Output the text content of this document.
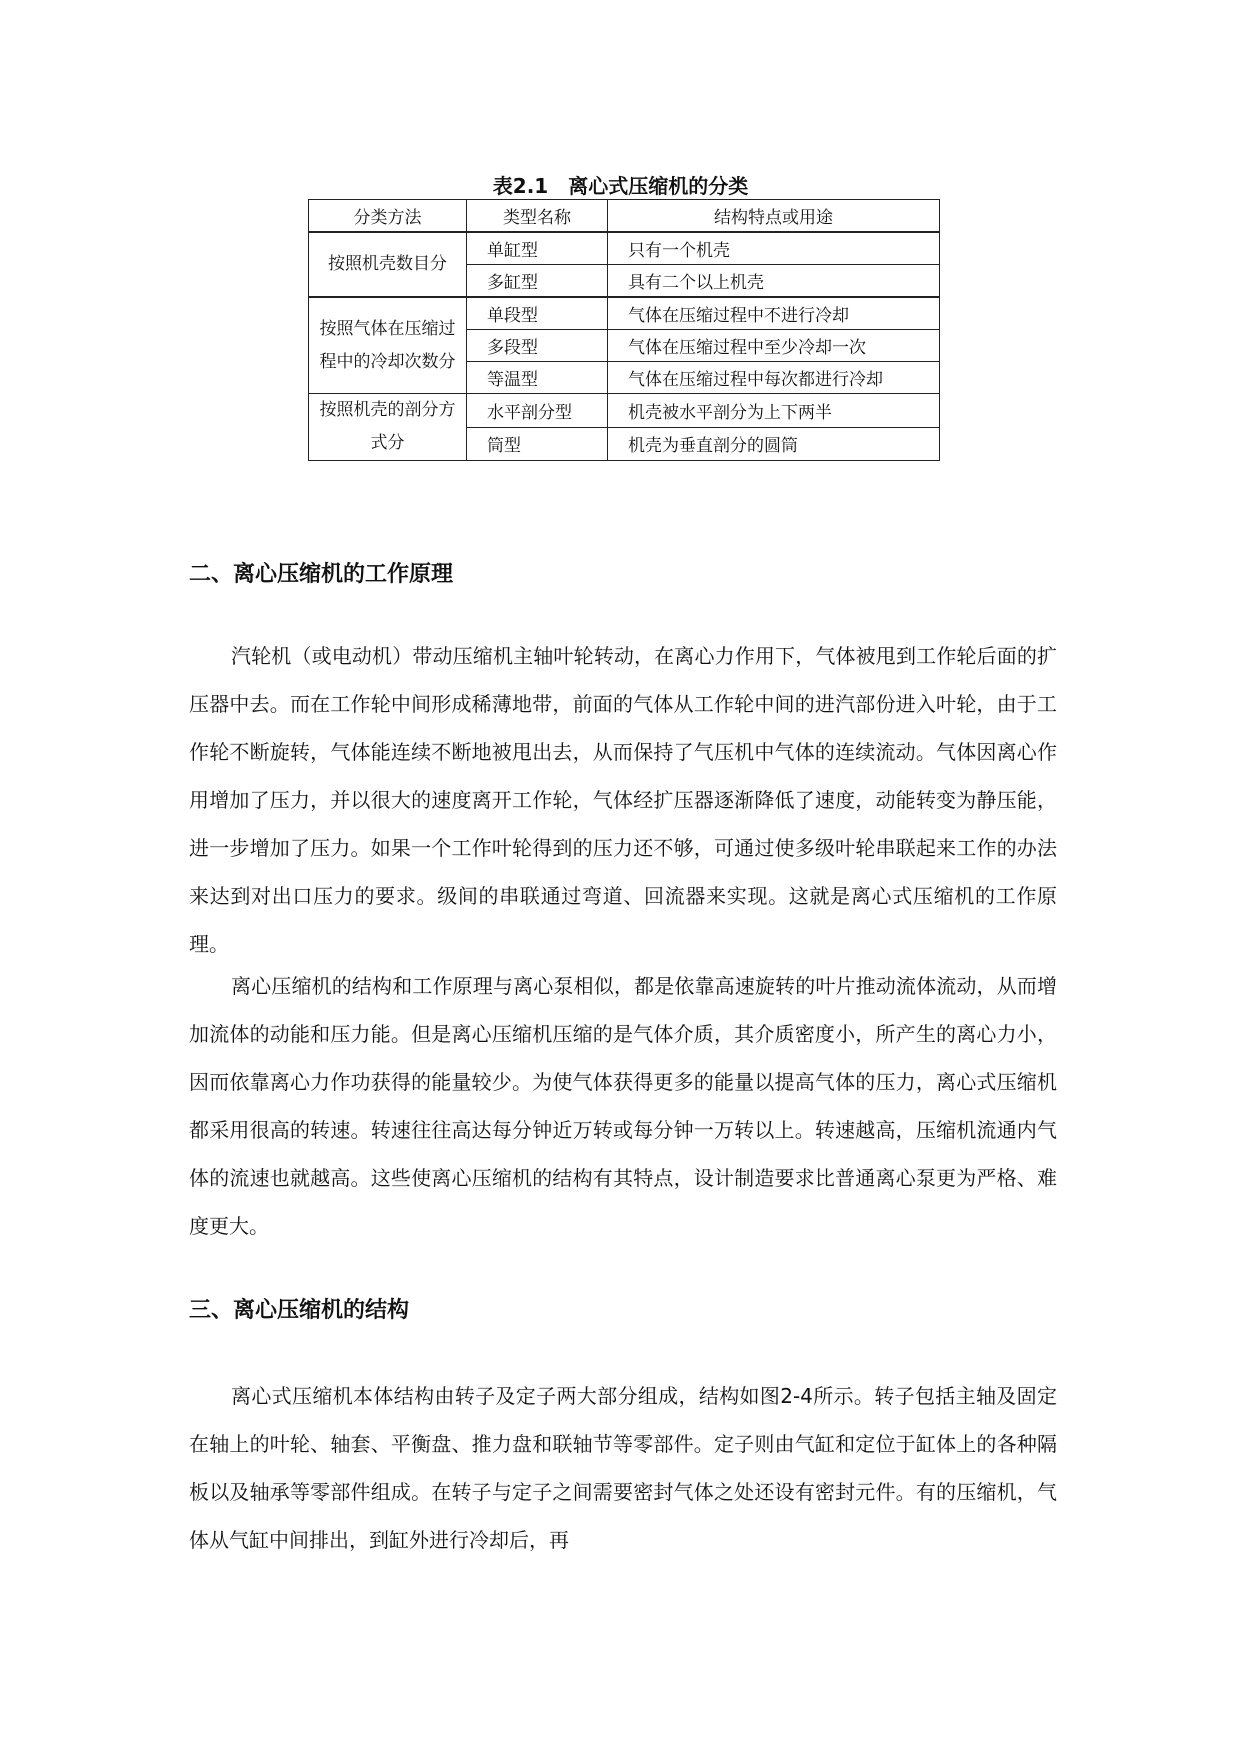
表2.1　离心式压缩机的分类
分类方法	类型名称	结构特点或用途
按照机壳数目分	单缸型	只有一个机壳
	多缸型	具有二个以上机壳
按照气体在压缩过程中的冷却次数分	单段型	气体在压缩过程中不进行冷却
	多段型	气体在压缩过程中至少冷却一次
	等温型	气体在压缩过程中每次都进行冷却
按照机壳的剖分方式分	水平剖分型	机壳被水平剖分为上下两半
	筒型	机壳为垂直剖分的圆筒
二、离心压缩机的工作原理

汽轮机（或电动机）带动压缩机主轴叶轮转动，在离心力作用下，气体被甩到工作轮后面的扩压器中去。而在工作轮中间形成稀薄地带，前面的气体从工作轮中间的进汽部份进入叶轮，由于工作轮不断旋转，气体能连续不断地被甩出去，从而保持了气压机中气体的连续流动。气体因离心作用增加了压力，并以很大的速度离开工作轮，气体经扩压器逐渐降低了速度，动能转变为静压能，进一步增加了压力。如果一个工作叶轮得到的压力还不够，可通过使多级叶轮串联起来工作的办法来达到对出口压力的要求。级间的串联通过弯道、回流器来实现。这就是离心式压缩机的工作原理。

离心压缩机的结构和工作原理与离心泵相似，都是依靠高速旋转的叶片推动流体流动，从而增加流体的动能和压力能。但是离心压缩机压缩的是气体介质，其介质密度小，所产生的离心力小，因而依靠离心力作功获得的能量较少。为使气体获得更多的能量以提高气体的压力，离心式压缩机都采用很高的转速。转速往往高达每分钟近万转或每分钟一万转以上。转速越高，压缩机流通内气体的流速也就越高。这些使离心压缩机的结构有其特点，设计制造要求比普通离心泵更为严格、难度更大。

三、离心压缩机的结构

离心式压缩机本体结构由转子及定子两大部分组成，结构如图2-4所示。转子包括主轴及固定在轴上的叶轮、轴套、平衡盘、推力盘和联轴节等零部件。定子则由气缸和定位于缸体上的各种隔板以及轴承等零部件组成。在转子与定子之间需要密封气体之处还设有密封元件。有的压缩机，气体从气缸中间排出，到缸外进行冷却后，再
